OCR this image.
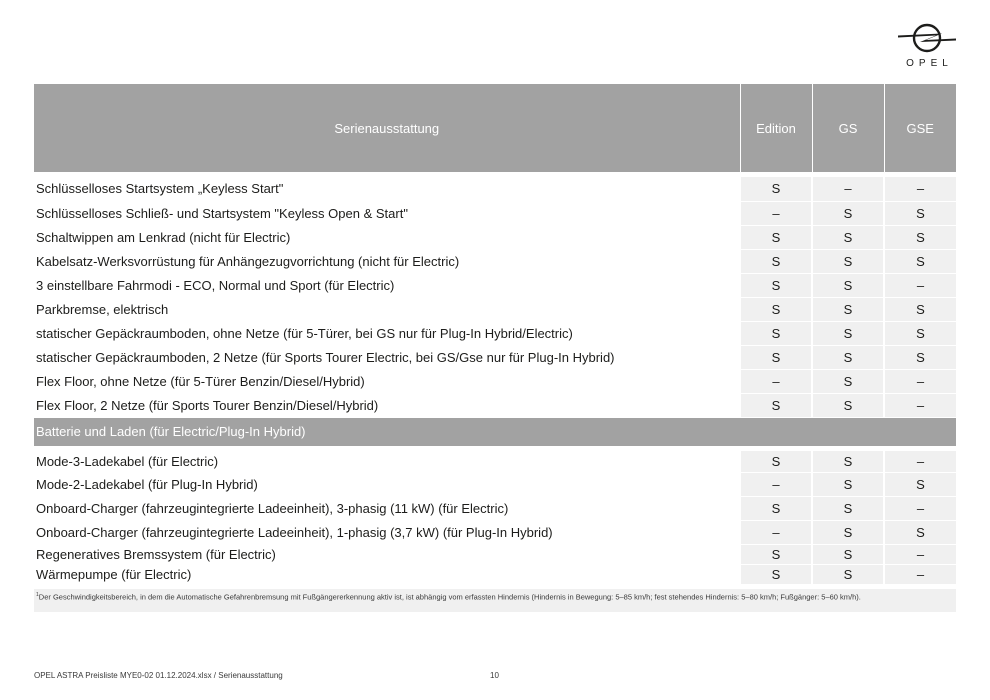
OPEL
Serienausstattung	Edition	GS	GSE

Schlüsselloses Startsystem „Keyless Start"	S	–	–
Schlüsselloses Schließ- und Startsystem "Keyless Open & Start"	–	S	S
Schaltwippen am Lenkrad (nicht für Electric)	S	S	S
Kabelsatz-Werksvorrüstung für Anhängezugvorrichtung (nicht für Electric)	S	S	S
3 einstellbare Fahrmodi - ECO, Normal und Sport (für Electric)	S	S	–
Parkbremse, elektrisch	S	S	S
statischer Gepäckraumboden, ohne Netze (für 5-Türer, bei GS nur für Plug-In Hybrid/Electric)	S	S	S
statischer Gepäckraumboden, 2 Netze (für Sports Tourer Electric, bei GS/Gse nur für Plug-In Hybrid)	S	S	S
Flex Floor, ohne Netze (für 5-Türer Benzin/Diesel/Hybrid)	–	S	–
Flex Floor, 2 Netze (für Sports Tourer Benzin/Diesel/Hybrid)	S	S	–
Batterie und Laden (für Electric/Plug-In Hybrid)			
Mode-3-Ladekabel (für Electric)	S	S	–
Mode-2-Ladekabel (für Plug-In Hybrid)	–	S	S
Onboard-Charger (fahrzeugintegrierte Ladeeinheit), 3-phasig (11 kW) (für Electric)	S	S	–
Onboard-Charger (fahrzeugintegrierte Ladeeinheit), 1-phasig (3,7 kW) (für Plug-In Hybrid)	–	S	S
Regeneratives Bremssystem (für Electric)	S	S	–
Wärmepumpe (für Electric)	S	S	–
$^1$Der Geschwindigkeitsbereich, in dem die Automatische Gefahrenbremsung mit Fußgängererkennung aktiv ist, ist abhängig vom erfassten Hindernis (Hindernis in Bewegung: 5–85 km/h; fest stehendes Hindernis: 5–80 km/h; Fußgänger: 5–60 km/h).
OPEL ASTRA Preisliste MYE0-02 01.12.2024.xlsx / Serienausstattung	10
